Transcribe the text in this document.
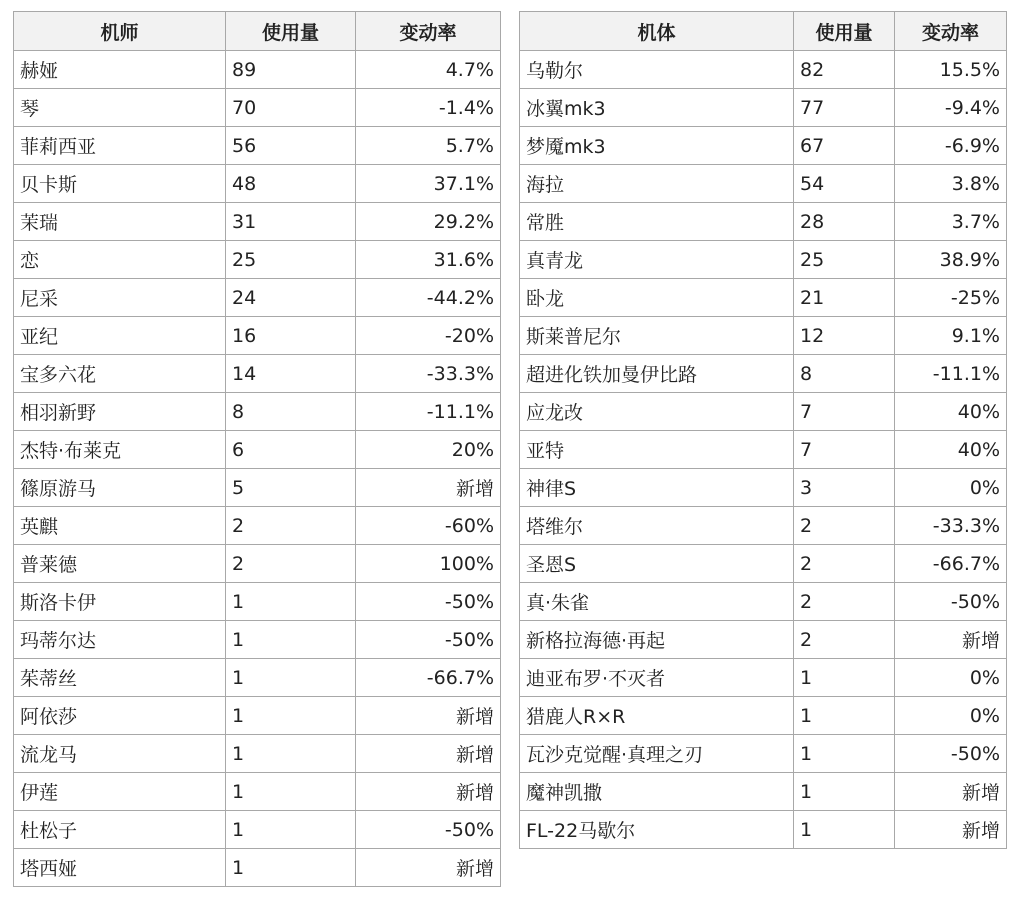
机师	使用量	变动率
赫娅	89	4.7%
琴	70	-1.4%
菲莉西亚	56	5.7%
贝卡斯	48	37.1%
茉瑞	31	29.2%
恋	25	31.6%
尼采	24	-44.2%
亚纪	16	-20%
宝多六花	14	-33.3%
相羽新野	8	-11.1%
杰特·布莱克	6	20%
篠原游马	5	新增
英麒	2	-60%
普莱德	2	100%
斯洛卡伊	1	-50%
玛蒂尔达	1	-50%
茱蒂丝	1	-66.7%
阿依莎	1	新增
流龙马	1	新增
伊莲	1	新增
杜松子	1	-50%
塔西娅	1	新增
机体	使用量	变动率
乌勒尔	82	15.5%
冰翼mk3	77	-9.4%
梦魇mk3	67	-6.9%
海拉	54	3.8%
常胜	28	3.7%
真青龙	25	38.9%
卧龙	21	-25%
斯莱普尼尔	12	9.1%
超进化铁加曼伊比路	8	-11.1%
应龙改	7	40%
亚特	7	40%
神律S	3	0%
塔维尔	2	-33.3%
圣恩S	2	-66.7%
真·朱雀	2	-50%
新格拉海德·再起	2	新增
迪亚布罗·不灭者	1	0%
猎鹿人R×R	1	0%
瓦沙克觉醒·真理之刃	1	-50%
魔神凯撒	1	新增
FL-22马歇尔	1	新增
